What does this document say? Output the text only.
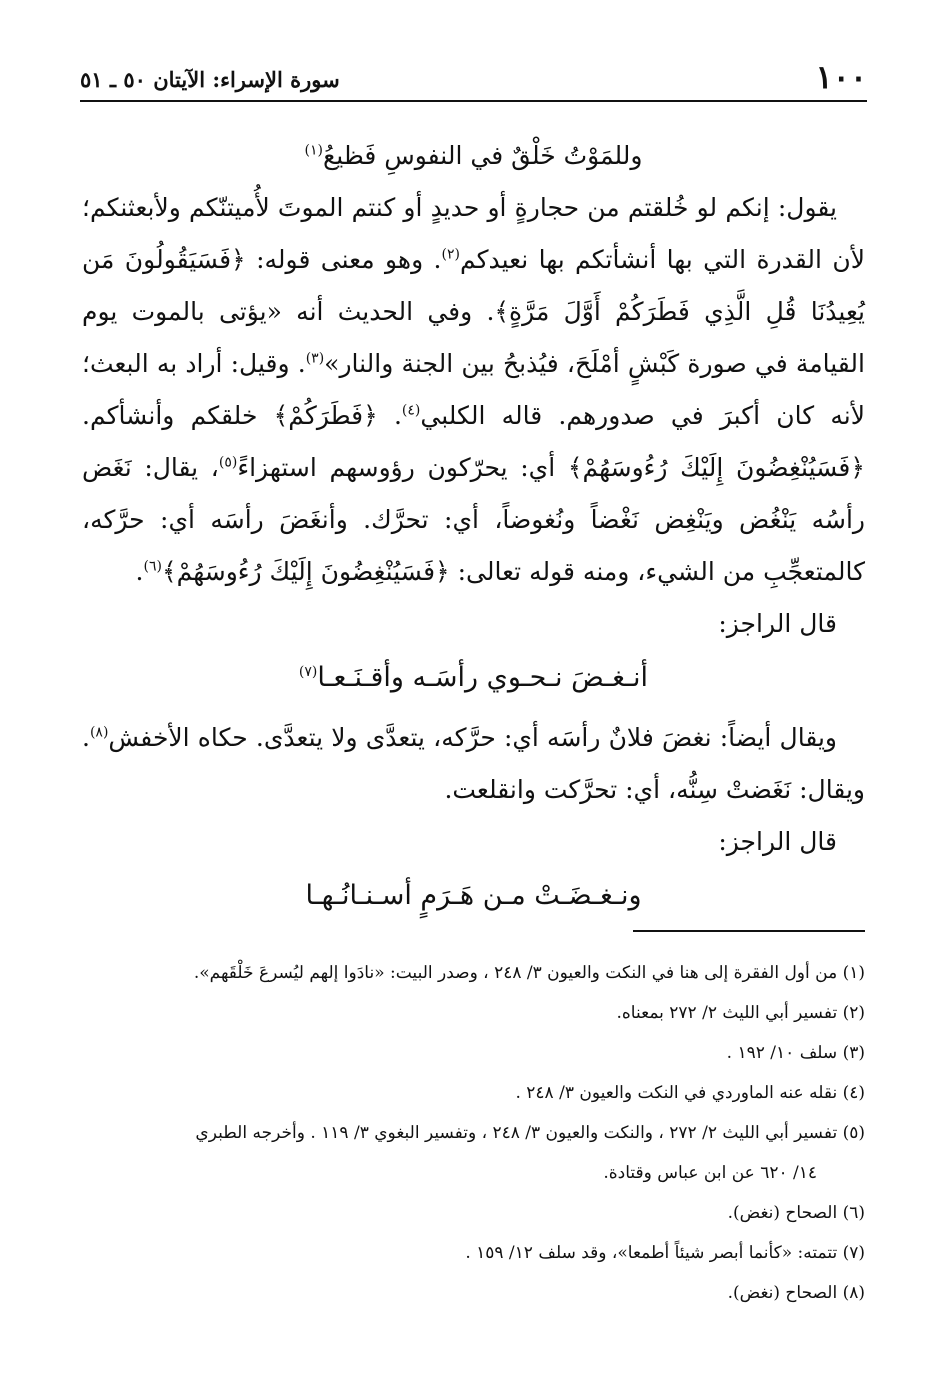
١٠٠
سورة الإسراء: الآيتان ٥٠ ـ ٥١

وللمَوْتُ خَلْقٌ في النفوسِ فَظيعُ$^{(١)}$

يقول: إنكم لو خُلقتم من حجارةٍ أو حديدٍ أو كنتم الموتَ لأُميتنّكم ولأبعثنكم؛ لأن القدرة التي بها أنشأتكم بها نعيدكم$^{(٢)}$. وهو معنى قوله: ﴿فَسَيَقُولُونَ مَن يُعِيدُنَا قُلِ الَّذِي فَطَرَكُمْ أَوَّلَ مَرَّةٍ﴾. وفي الحديث أنه «يؤتى بالموت يوم القيامة في صورة كَبْشٍ أمْلَحَ، فيُذبحُ بين الجنة والنار»$^{(٣)}$. وقيل: أراد به البعث؛ لأنه كان أكبرَ في صدورهم. قاله الكلبي$^{(٤)}$. ﴿فَطَرَكُمْ﴾ خلقكم وأنشأكم. ﴿فَسَيُنْغِضُونَ إِلَيْكَ رُءُوسَهُمْ﴾ أي: يحرّكون رؤوسهم استهزاءً$^{(٥)}$، يقال: نَغَض رأسُه يَنْغُض ويَنْغِض نَغْضاً ونُغوضاً، أي: تحرَّك. وأنغَضَ رأسَه أي: حرَّكه، كالمتعجِّبِ من الشيء، ومنه قوله تعالى: ﴿فَسَيُنْغِضُونَ إِلَيْكَ رُءُوسَهُمْ﴾$^{(٦)}$.

قال الراجز:

أنـغـضَ نـحـوي رأسَـه وأقـنَـعـا$^{(٧)}$

ويقال أيضاً: نغضَ فلانٌ رأسَه أي: حرَّكه، يتعدَّى ولا يتعدَّى. حكاه الأخفش$^{(٨)}$. ويقال: نَغَضتْ سِنُّه، أي: تحرَّكت وانقلعت.

قال الراجز:

ونـغـضَـتْ مـن هَـرَمٍ أسـنـانُـهـا

(١) من أول الفقرة إلى هنا في النكت والعيون ٣/ ٢٤٨ ، وصدر البيت: «نادَوا إلهم ليُسرعَ خَلْقَهم».

(٢) تفسير أبي الليث ٢/ ٢٧٢ بمعناه.

(٣) سلف ١٠/ ١٩٢ .

(٤) نقله عنه الماوردي في النكت والعيون ٣/ ٢٤٨ .

(٥) تفسير أبي الليث ٢/ ٢٧٢ ، والنكت والعيون ٣/ ٢٤٨ ، وتفسير البغوي ٣/ ١١٩ . وأخرجه الطبري

١٤/ ٦٢٠ عن ابن عباس وقتادة.

(٦) الصحاح (نغض).

(٧) تتمته: «كأنما أبصر شيئاً أطمعا»، وقد سلف ١٢/ ١٥٩ .

(٨) الصحاح (نغض).
